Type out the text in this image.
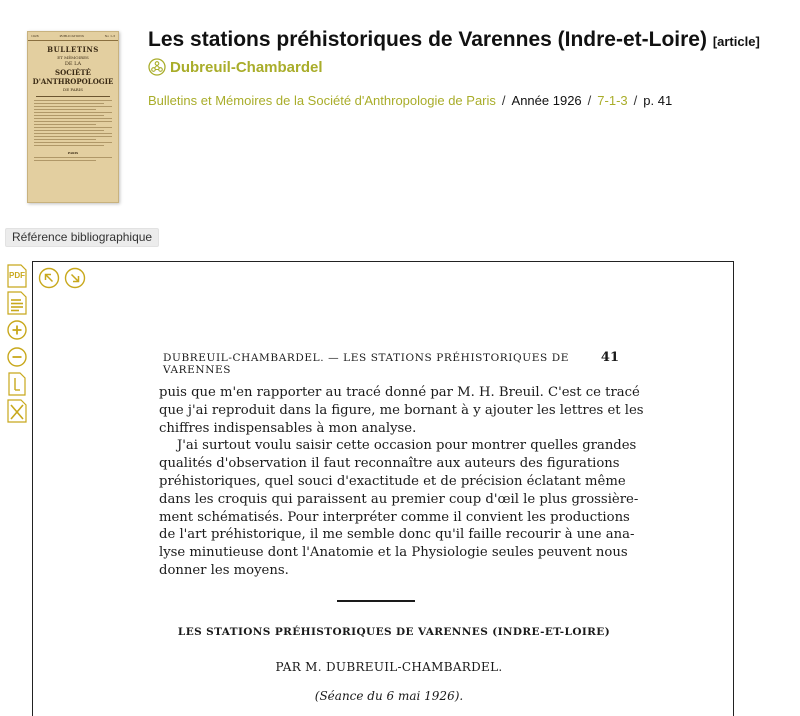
1926	PUBLICATIONS	No 1-3
BULLETINS
ET MÉMOIRES
DE LA
SOCIÉTÉ D'ANTHROPOLOGIE
DE PARIS
PARIS
Les stations préhistoriques de Varennes (Indre-et-Loire) [article]
Dubreuil-Chambardel
Bulletins et Mémoires de la Société d'Anthropologie de Paris / Année 1926 / 7-1-3 / p. 41
Référence bibliographique
PDF
DUBREUIL-CHAMBARDEL. — LES STATIONS PRÉHISTORIQUES DE VARENNES
41
puis que m'en rapporter au tracé donné par M. H. Breuil. C'est ce tracé
que j'ai reproduit dans la figure, me bornant à y ajouter les lettres et les
chiffres indispensables à mon analyse.
J'ai surtout voulu saisir cette occasion pour montrer quelles grandes
qualités d'observation il faut reconnaître aux auteurs des figurations
préhistoriques, quel souci d'exactitude et de précision éclatant même
dans les croquis qui paraissent au premier coup d'œil le plus grossière-
ment schématisés. Pour interpréter comme il convient les productions
de l'art préhistorique, il me semble donc qu'il faille recourir à une ana-
lyse minutieuse dont l'Anatomie et la Physiologie seules peuvent nous
donner les moyens.
LES STATIONS PRÉHISTORIQUES DE VARENNES (INDRE-ET-LOIRE)
PAR M. DUBREUIL-CHAMBARDEL.
(Séance du 6 mai 1926).
